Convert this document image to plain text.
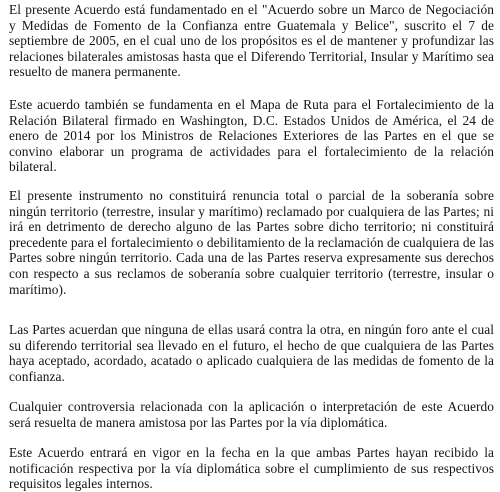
El presente Acuerdo está fundamentado en el "Acuerdo sobre un Marco de Negociación y Medidas de Fomento de la Confianza entre Guatemala y Belice", suscrito el 7 de septiembre de 2005, en el cual uno de los propósitos es el de mantener y profundizar las relaciones bilaterales amistosas hasta que el Diferendo Territorial, Insular y Marítimo sea resuelto de manera permanente.

Este acuerdo también se fundamenta en el Mapa de Ruta para el Fortalecimiento de la Relación Bilateral firmado en Washington, D.C. Estados Unidos de América, el 24 de enero de 2014 por los Ministros de Relaciones Exteriores de las Partes en el que se convino elaborar un programa de actividades para el fortalecimiento de la relación bilateral.

El presente instrumento no constituirá renuncia total o parcial de la soberanía sobre ningún territorio (terrestre, insular y marítimo) reclamado por cualquiera de las Partes; ni irá en detrimento de derecho alguno de las Partes sobre dicho territorio; ni constituirá precedente para el fortalecimiento o debilitamiento de la reclamación de cualquiera de las Partes sobre ningún territorio. Cada una de las Partes reserva expresamente sus derechos con respecto a sus reclamos de soberanía sobre cualquier territorio (terrestre, insular o marítimo).

Las Partes acuerdan que ninguna de ellas usará contra la otra, en ningún foro ante el cual su diferendo territorial sea llevado en el futuro, el hecho de que cualquiera de las Partes haya aceptado, acordado, acatado o aplicado cualquiera de las medidas de fomento de la confianza.

Cualquier controversia relacionada con la aplicación o interpretación de este Acuerdo será resuelta de manera amistosa por las Partes por la vía diplomática.

Este Acuerdo entrará en vigor en la fecha en la que ambas Partes hayan recibido la notificación respectiva por la vía diplomática sobre el cumplimiento de sus respectivos requisitos legales internos.
